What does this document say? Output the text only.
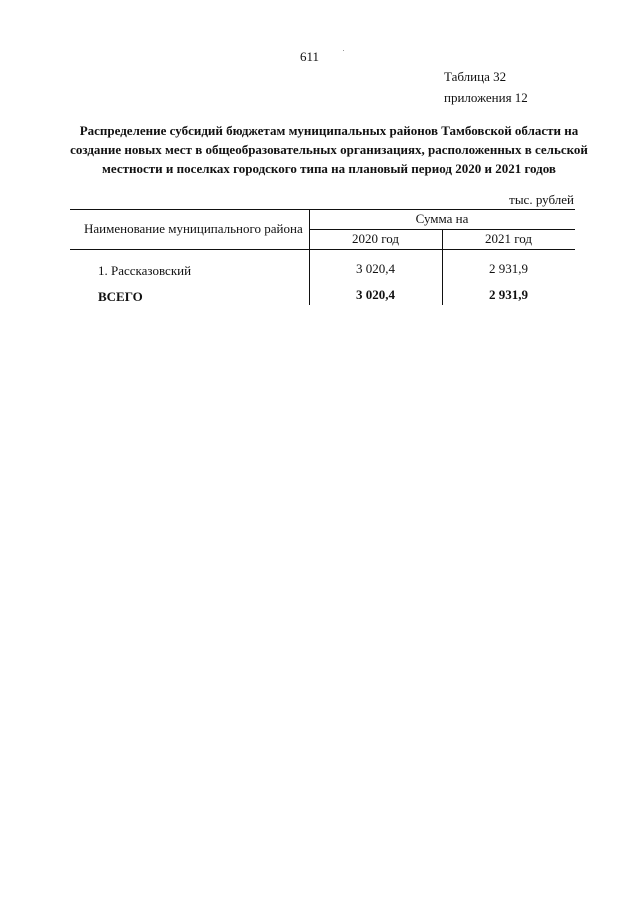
611
Таблица 32
приложения 12
Распределение субсидий бюджетам муниципальных районов Тамбовской области на создание новых мест в общеобразовательных организациях, расположенных в сельской местности и поселках городского типа на плановый период 2020 и 2021 годов
тыс. рублей
Наименование муниципального района
Сумма на
2020 год	2021 год
1. Рассказовский	3 020,4	2 931,9
ВСЕГО	3 020,4	2 931,9
